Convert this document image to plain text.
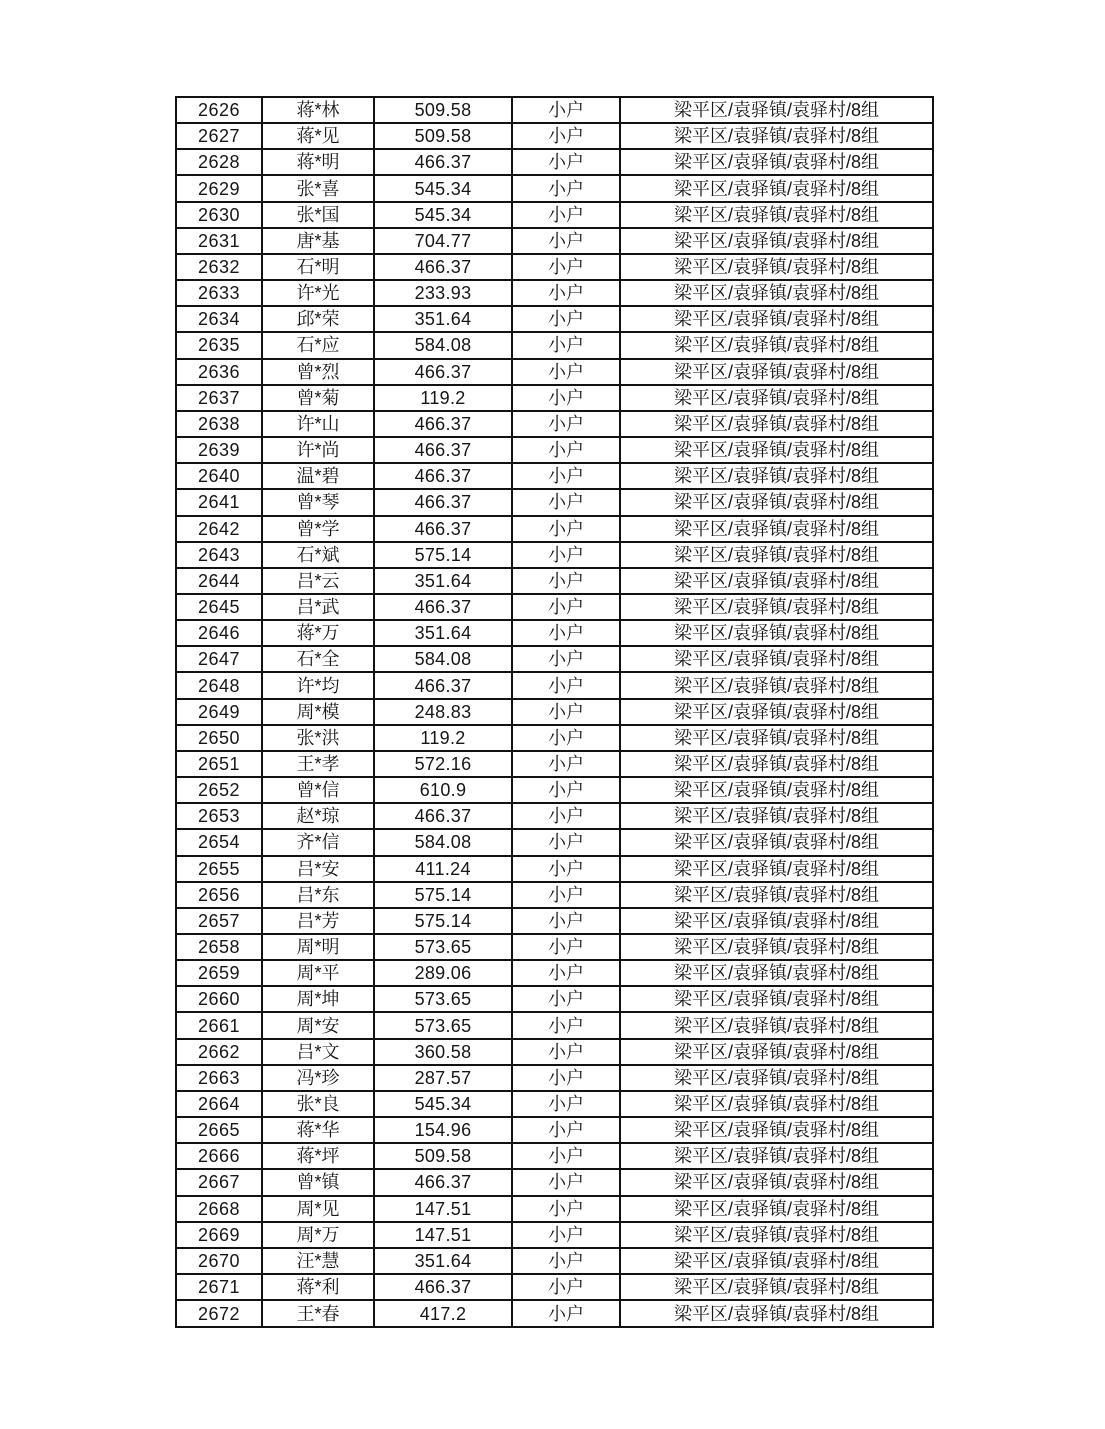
2626	蒋*林	509.58	小户	梁平区/袁驿镇/袁驿村/8组
2627	蒋*见	509.58	小户	梁平区/袁驿镇/袁驿村/8组
2628	蒋*明	466.37	小户	梁平区/袁驿镇/袁驿村/8组
2629	张*喜	545.34	小户	梁平区/袁驿镇/袁驿村/8组
2630	张*国	545.34	小户	梁平区/袁驿镇/袁驿村/8组
2631	唐*基	704.77	小户	梁平区/袁驿镇/袁驿村/8组
2632	石*明	466.37	小户	梁平区/袁驿镇/袁驿村/8组
2633	许*光	233.93	小户	梁平区/袁驿镇/袁驿村/8组
2634	邱*荣	351.64	小户	梁平区/袁驿镇/袁驿村/8组
2635	石*应	584.08	小户	梁平区/袁驿镇/袁驿村/8组
2636	曾*烈	466.37	小户	梁平区/袁驿镇/袁驿村/8组
2637	曾*菊	119.2	小户	梁平区/袁驿镇/袁驿村/8组
2638	许*山	466.37	小户	梁平区/袁驿镇/袁驿村/8组
2639	许*尚	466.37	小户	梁平区/袁驿镇/袁驿村/8组
2640	温*碧	466.37	小户	梁平区/袁驿镇/袁驿村/8组
2641	曾*琴	466.37	小户	梁平区/袁驿镇/袁驿村/8组
2642	曾*学	466.37	小户	梁平区/袁驿镇/袁驿村/8组
2643	石*斌	575.14	小户	梁平区/袁驿镇/袁驿村/8组
2644	吕*云	351.64	小户	梁平区/袁驿镇/袁驿村/8组
2645	吕*武	466.37	小户	梁平区/袁驿镇/袁驿村/8组
2646	蒋*万	351.64	小户	梁平区/袁驿镇/袁驿村/8组
2647	石*全	584.08	小户	梁平区/袁驿镇/袁驿村/8组
2648	许*均	466.37	小户	梁平区/袁驿镇/袁驿村/8组
2649	周*模	248.83	小户	梁平区/袁驿镇/袁驿村/8组
2650	张*洪	119.2	小户	梁平区/袁驿镇/袁驿村/8组
2651	王*孝	572.16	小户	梁平区/袁驿镇/袁驿村/8组
2652	曾*信	610.9	小户	梁平区/袁驿镇/袁驿村/8组
2653	赵*琼	466.37	小户	梁平区/袁驿镇/袁驿村/8组
2654	齐*信	584.08	小户	梁平区/袁驿镇/袁驿村/8组
2655	吕*安	411.24	小户	梁平区/袁驿镇/袁驿村/8组
2656	吕*东	575.14	小户	梁平区/袁驿镇/袁驿村/8组
2657	吕*芳	575.14	小户	梁平区/袁驿镇/袁驿村/8组
2658	周*明	573.65	小户	梁平区/袁驿镇/袁驿村/8组
2659	周*平	289.06	小户	梁平区/袁驿镇/袁驿村/8组
2660	周*坤	573.65	小户	梁平区/袁驿镇/袁驿村/8组
2661	周*安	573.65	小户	梁平区/袁驿镇/袁驿村/8组
2662	吕*文	360.58	小户	梁平区/袁驿镇/袁驿村/8组
2663	冯*珍	287.57	小户	梁平区/袁驿镇/袁驿村/8组
2664	张*良	545.34	小户	梁平区/袁驿镇/袁驿村/8组
2665	蒋*华	154.96	小户	梁平区/袁驿镇/袁驿村/8组
2666	蒋*坪	509.58	小户	梁平区/袁驿镇/袁驿村/8组
2667	曾*镇	466.37	小户	梁平区/袁驿镇/袁驿村/8组
2668	周*见	147.51	小户	梁平区/袁驿镇/袁驿村/8组
2669	周*万	147.51	小户	梁平区/袁驿镇/袁驿村/8组
2670	汪*慧	351.64	小户	梁平区/袁驿镇/袁驿村/8组
2671	蒋*利	466.37	小户	梁平区/袁驿镇/袁驿村/8组
2672	王*春	417.2	小户	梁平区/袁驿镇/袁驿村/8组
